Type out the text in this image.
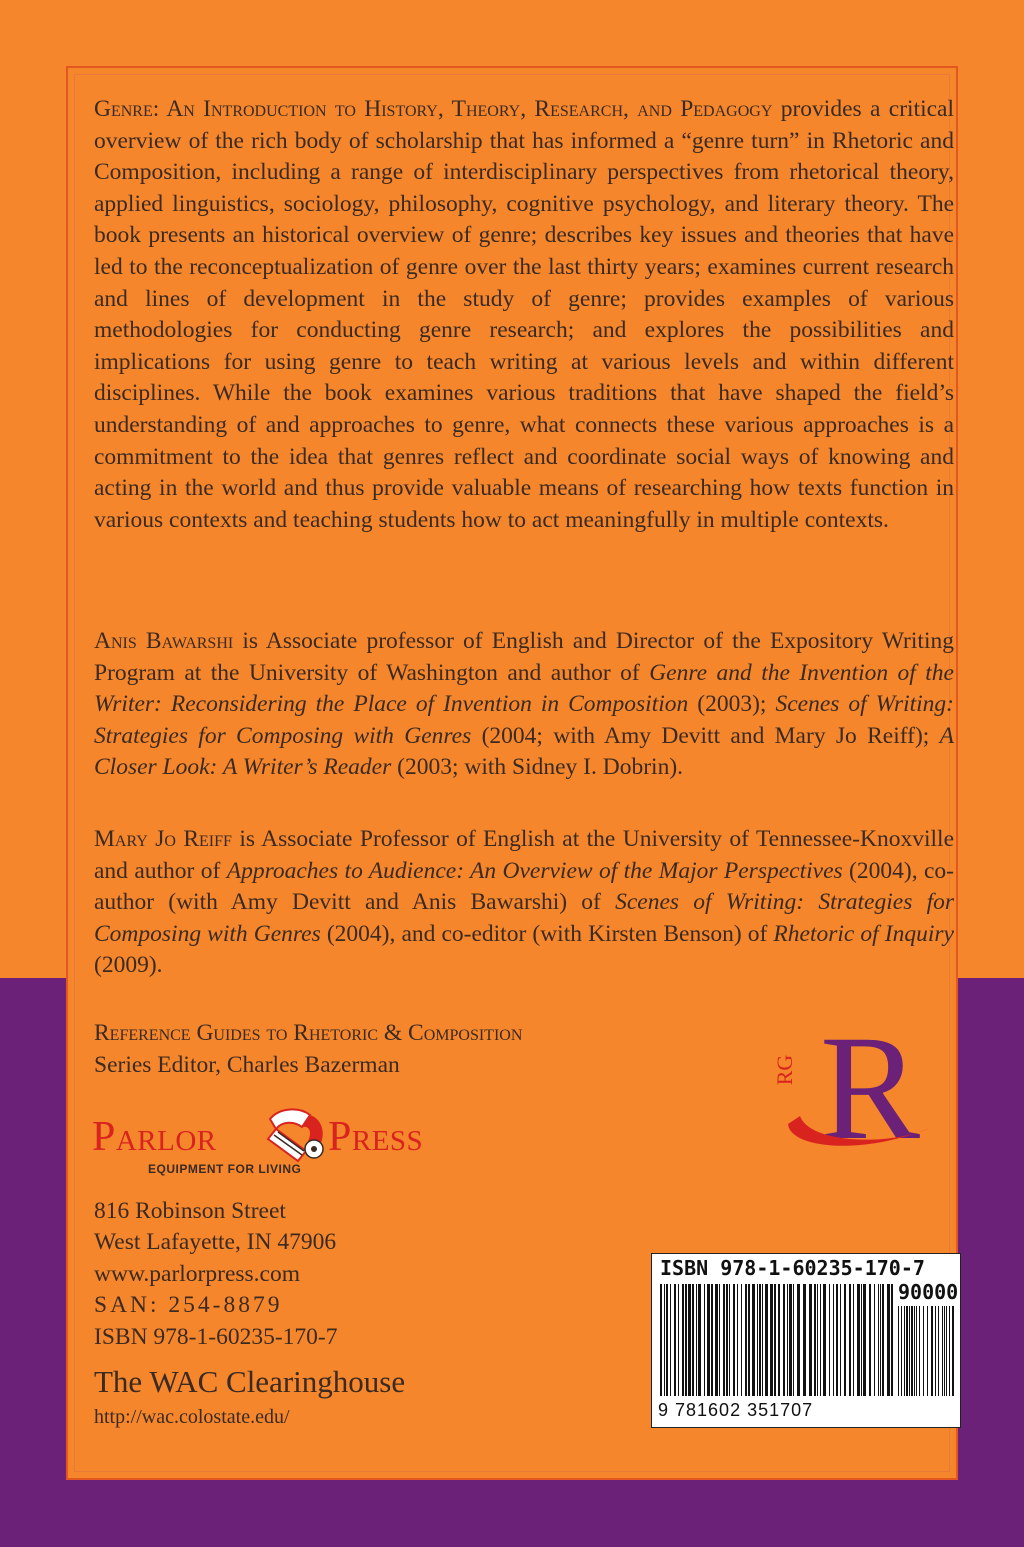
Genre: An Introduction to History, Theory, Research, and Pedagogy provides a critical overview of the rich body of scholarship that has informed a “genre turn” in Rhetoric and Composition, including a range of interdisciplinary perspectives from rhetorical theory, applied linguistics, sociology, philosophy, cognitive psychology, and literary theory. The book presents an historical overview of genre; describes key issues and theories that have led to the reconceptualization of genre over the last thirty years; examines current research and lines of development in the study of genre; provides examples of various methodologies for conducting genre research; and explores the possibilities and implications for using genre to teach writing at various levels and within different disciplines. While the book examines various traditions that have shaped the field’s understanding of and approaches to genre, what connects these various approaches is a commitment to the idea that genres reflect and coordinate social ways of knowing and acting in the world and thus provide valuable means of researching how texts function in various contexts and teaching students how to act meaningfully in multiple contexts.
Anis Bawarshi is Associate professor of English and Director of the Expository Writing Program at the University of Washington and author of Genre and the Invention of the Writer: Reconsidering the Place of Invention in Composition (2003); Scenes of Writing: Strategies for Composing with Genres (2004; with Amy Devitt and Mary Jo Reiff); A Closer Look: A Writer’s Reader (2003; with Sidney I. Dobrin).
Mary Jo Reiff is Associate Professor of English at the University of Tennessee-Knoxville and author of Approaches to Audience: An Overview of the Major Perspectives (2004), co-author (with Amy Devitt and Anis Bawarshi) of Scenes of Writing: Strategies for Composing with Genres (2004), and co-editor (with Kirsten Benson) of Rhetoric of Inquiry (2009).
Reference Guides to Rhetoric & Composition
Series Editor, Charles Bazerman
Parlor	Press
EQUIPMENT FOR LIVING
816 Robinson Street
West Lafayette, IN 47906
www.parlorpress.com
SAN: 254-8879
ISBN 978-1-60235-170-7
The WAC Clearinghouse
http://wac.colostate.edu/
RG R
ISBN 978-1-60235-170-7
90000
9 781602 351707
